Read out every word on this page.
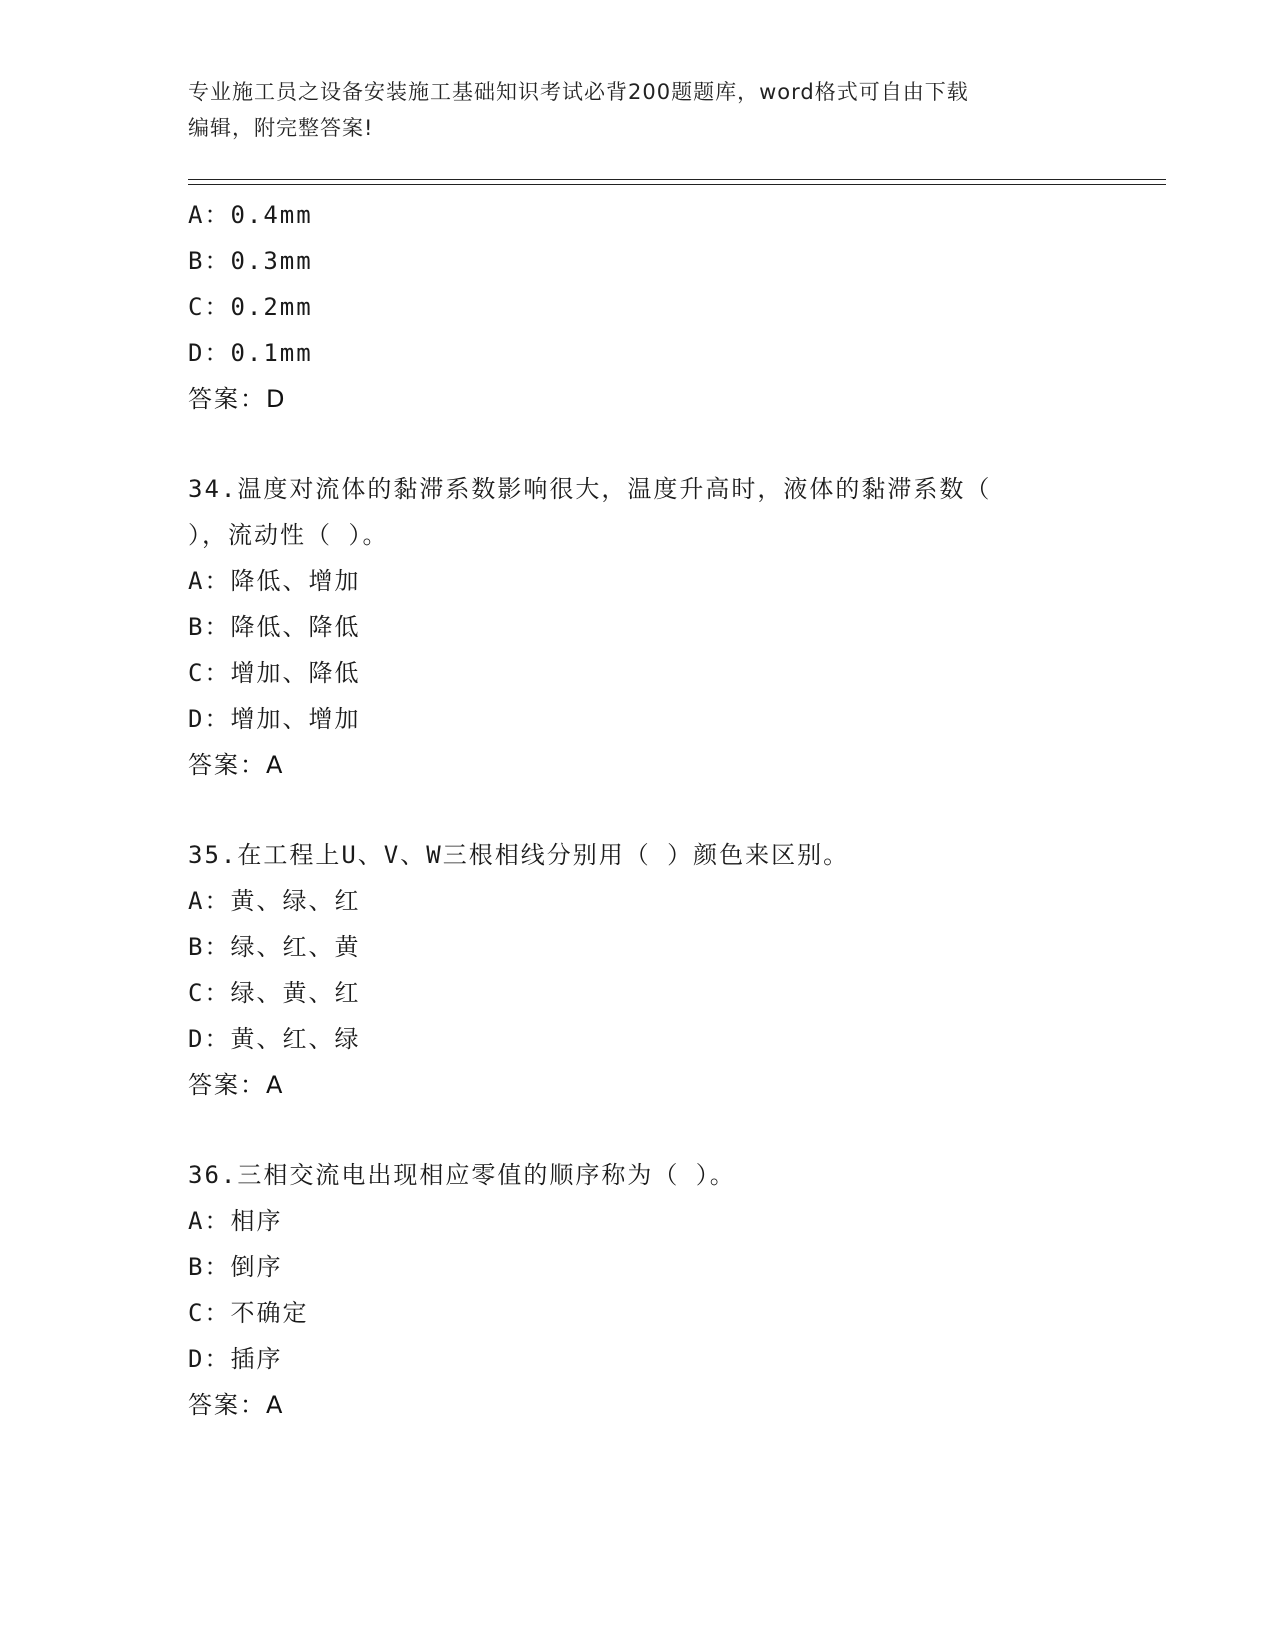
专业施工员之设备安装施工基础知识考试必背200题题库，word格式可自由下载

编辑，附完整答案!

A：0.4mm
B：0.3mm
C：0.2mm
D：0.1mm
答案：D
34.温度对流体的黏滞系数影响很大，温度升高时，液体的黏滞系数（
），流动性（ ）。
A：降低、增加
B：降低、降低
C：增加、降低
D：增加、增加
答案：A
35.在工程上U、V、W三根相线分别用（ ）颜色来区别。
A：黄、绿、红
B：绿、红、黄
C：绿、黄、红
D：黄、红、绿
答案：A
36.三相交流电出现相应零值的顺序称为（ ）。
A：相序
B：倒序
C：不确定
D：插序
答案：A
